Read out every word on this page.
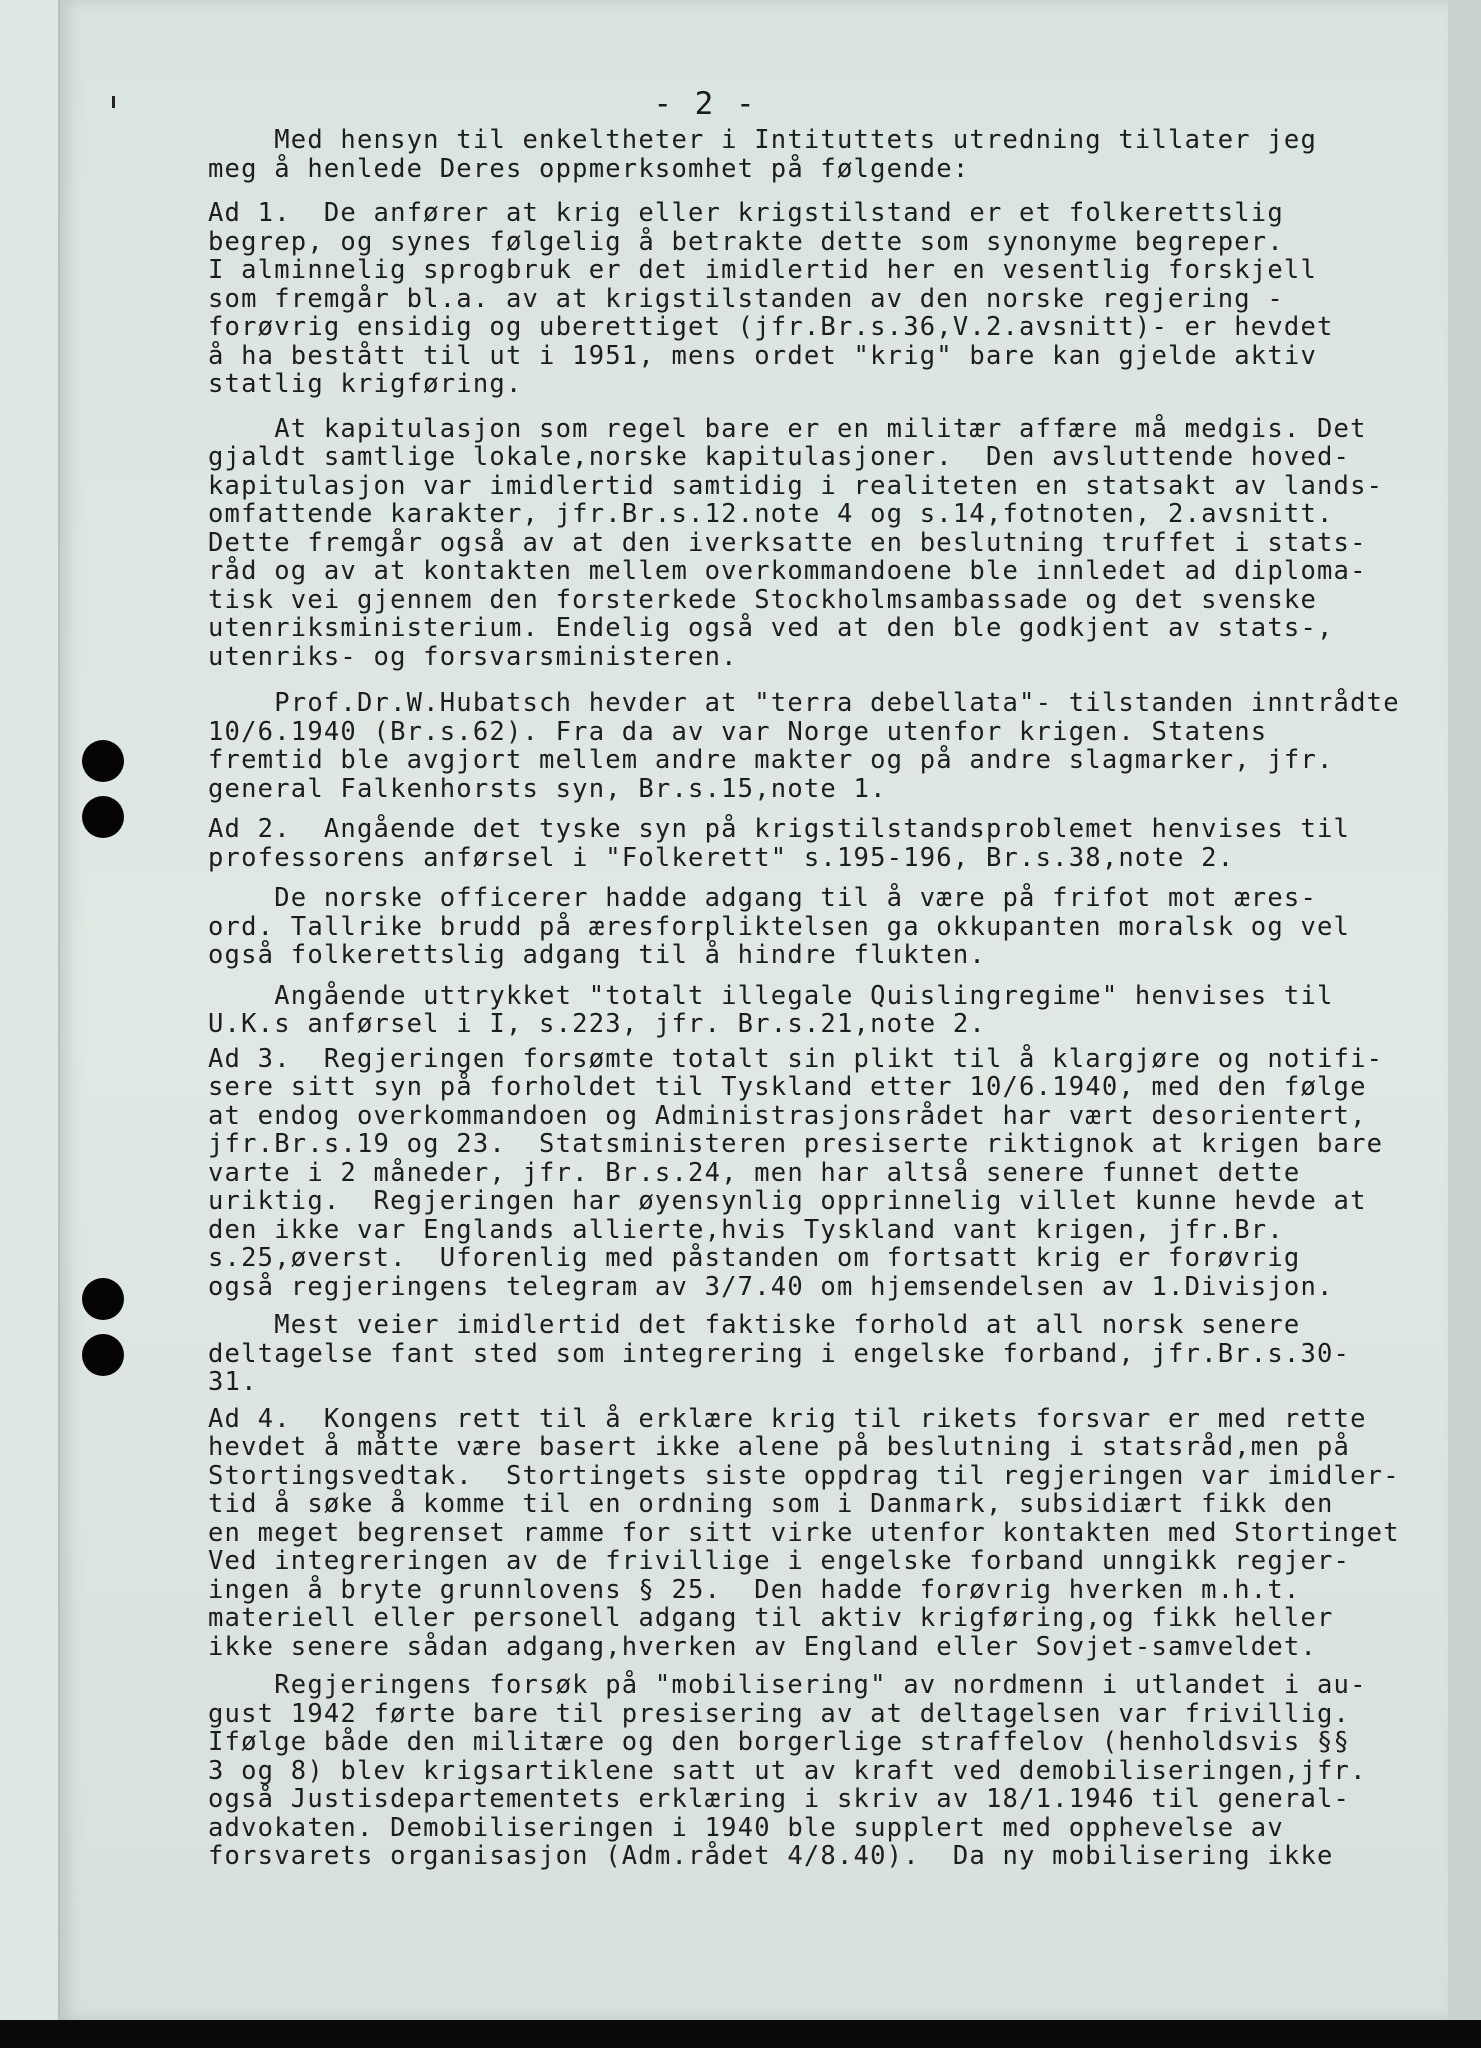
- 2 -
Med hensyn til enkeltheter i Intituttets utredning tillater jeg
meg å henlede Deres oppmerksomhet på følgende:
Ad 1.  De anfører at krig eller krigstilstand er et folkerettslig
begrep, og synes følgelig å betrakte dette som synonyme begreper.
I alminnelig sprogbruk er det imidlertid her en vesentlig forskjell
som fremgår bl.a. av at krigstilstanden av den norske regjering -
forøvrig ensidig og uberettiget (jfr.Br.s.36,V.2.avsnitt)- er hevdet
å ha bestått til ut i 1951, mens ordet "krig" bare kan gjelde aktiv
statlig krigføring.
At kapitulasjon som regel bare er en militær affære må medgis. Det
gjaldt samtlige lokale,norske kapitulasjoner.  Den avsluttende hoved-
kapitulasjon var imidlertid samtidig i realiteten en statsakt av lands-
omfattende karakter, jfr.Br.s.12.note 4 og s.14,fotnoten, 2.avsnitt.
Dette fremgår også av at den iverksatte en beslutning truffet i stats-
råd og av at kontakten mellem overkommandoene ble innledet ad diploma-
tisk vei gjennem den forsterkede Stockholmsambassade og det svenske
utenriksministerium. Endelig også ved at den ble godkjent av stats-,
utenriks- og forsvarsministeren.
Prof.Dr.W.Hubatsch hevder at "terra debellata"- tilstanden inntrådte
10/6.1940 (Br.s.62). Fra da av var Norge utenfor krigen. Statens
fremtid ble avgjort mellem andre makter og på andre slagmarker, jfr.
general Falkenhorsts syn, Br.s.15,note 1.
Ad 2.  Angående det tyske syn på krigstilstandsproblemet henvises til
professorens anførsel i "Folkerett" s.195-196, Br.s.38,note 2.
De norske officerer hadde adgang til å være på frifot mot æres-
ord. Tallrike brudd på æresforpliktelsen ga okkupanten moralsk og vel
også folkerettslig adgang til å hindre flukten.
Angående uttrykket "totalt illegale Quislingregime" henvises til
U.K.s anførsel i I, s.223, jfr. Br.s.21,note 2.
Ad 3.  Regjeringen forsømte totalt sin plikt til å klargjøre og notifi-
sere sitt syn på forholdet til Tyskland etter 10/6.1940, med den følge
at endog overkommandoen og Administrasjonsrådet har vært desorientert,
jfr.Br.s.19 og 23.  Statsministeren presiserte riktignok at krigen bare
varte i 2 måneder, jfr. Br.s.24, men har altså senere funnet dette
uriktig.  Regjeringen har øyensynlig opprinnelig villet kunne hevde at
den ikke var Englands allierte,hvis Tyskland vant krigen, jfr.Br.
s.25,øverst.  Uforenlig med påstanden om fortsatt krig er forøvrig
også regjeringens telegram av 3/7.40 om hjemsendelsen av 1.Divisjon.
Mest veier imidlertid det faktiske forhold at all norsk senere
deltagelse fant sted som integrering i engelske forband, jfr.Br.s.30-
31.
Ad 4.  Kongens rett til å erklære krig til rikets forsvar er med rette
hevdet å måtte være basert ikke alene på beslutning i statsråd,men på
Stortingsvedtak.  Stortingets siste oppdrag til regjeringen var imidler-
tid å søke å komme til en ordning som i Danmark, subsidiært fikk den
en meget begrenset ramme for sitt virke utenfor kontakten med Stortinget
Ved integreringen av de frivillige i engelske forband unngikk regjer-
ingen å bryte grunnlovens § 25.  Den hadde forøvrig hverken m.h.t.
materiell eller personell adgang til aktiv krigføring,og fikk heller
ikke senere sådan adgang,hverken av England eller Sovjet-samveldet.
Regjeringens forsøk på "mobilisering" av nordmenn i utlandet i au-
gust 1942 førte bare til presisering av at deltagelsen var frivillig.
Ifølge både den militære og den borgerlige straffelov (henholdsvis §§
3 og 8) blev krigsartiklene satt ut av kraft ved demobiliseringen,jfr.
også Justisdepartementets erklæring i skriv av 18/1.1946 til general-
advokaten. Demobiliseringen i 1940 ble supplert med opphevelse av
forsvarets organisasjon (Adm.rådet 4/8.40).  Da ny mobilisering ikke
